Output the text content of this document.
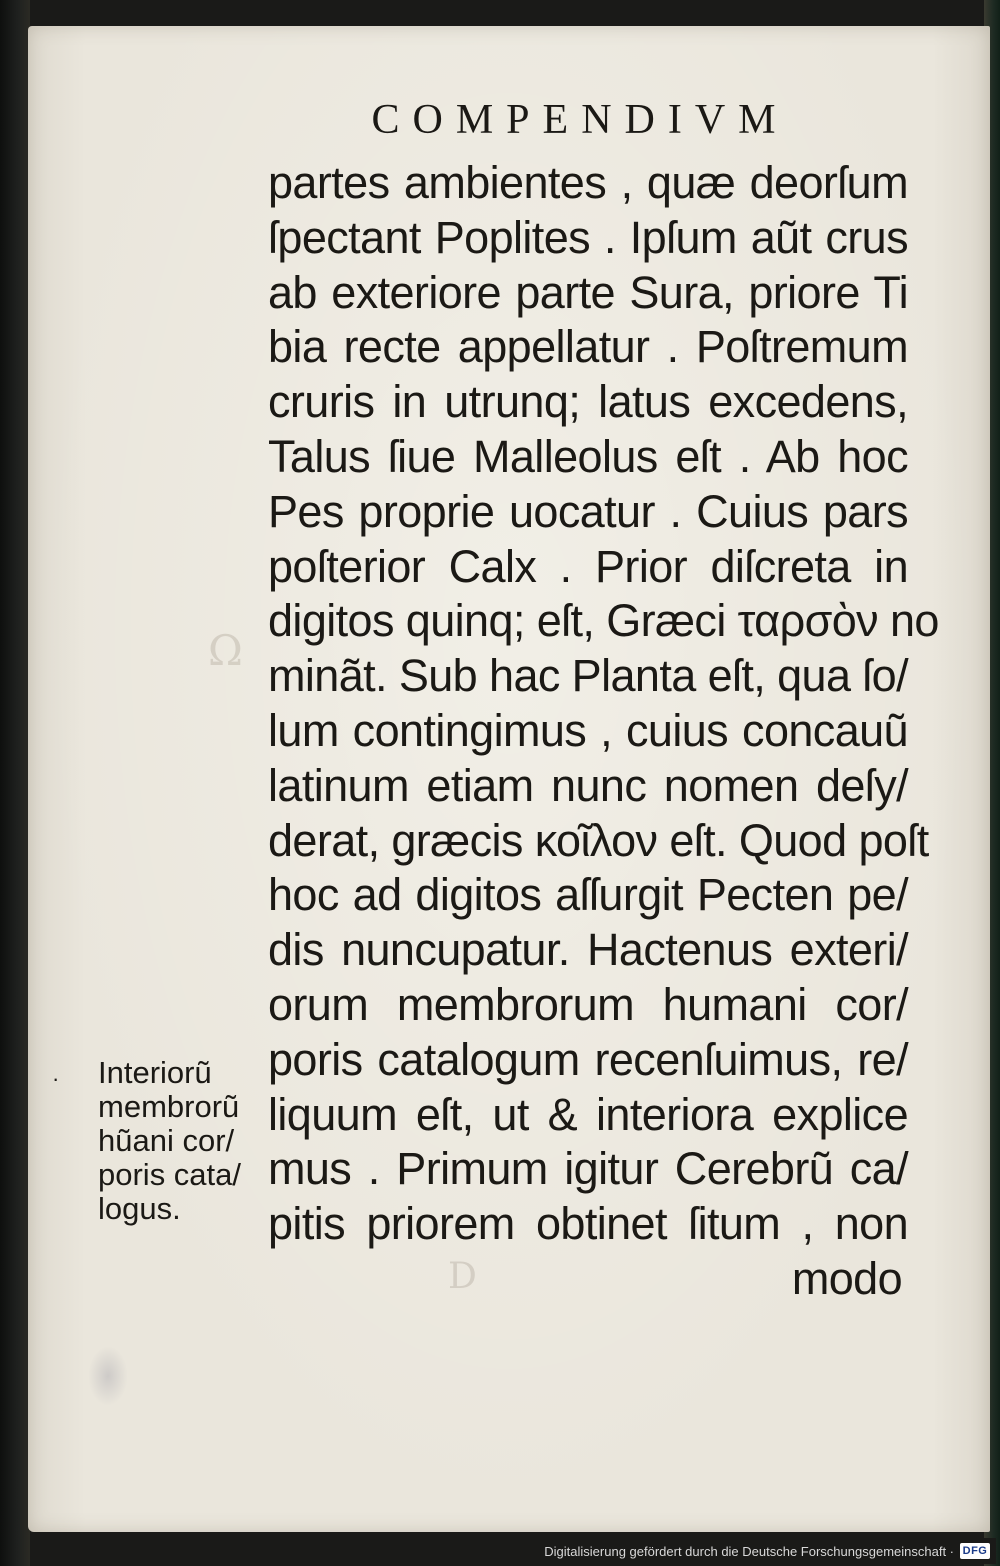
Ω
D
COMPENDIVM
partes ambientes , quæ deorſum
ſpectant Poplites . Ipſum aũt crus
ab exteriore parte Sura, priore Ti
bia recte appellatur . Poſtremum
cruris in utrunq; latus excedens,
Talus ſiue Malleolus eſt . Ab hoc
Pes proprie uocatur . Cuius pars
poſterior Calx . Prior diſcreta in
digitos quinq; eſt, Græci ταρσὸν no
minãt. Sub hac Planta eſt, qua ſo/
lum contingimus , cuius concauũ
latinum etiam nunc nomen deſy/
derat, græcis κοῖλον eſt. Quod poſt
hoc ad digitos aſſurgit Pecten pe/
dis nuncupatur. Hactenus exteri/
orum membrorum humani cor/
poris catalogum recenſuimus, re/
liquum eſt, ut & interiora explice
mus . Primum igitur Cerebrũ ca/
pitis priorem obtinet ſitum , non
modo
· Interiorũ
membrorũ
hũani cor/
poris cata/
logus.
Digitalisierung gefördert durch die Deutsche Forschungsgemeinschaft · DFG
